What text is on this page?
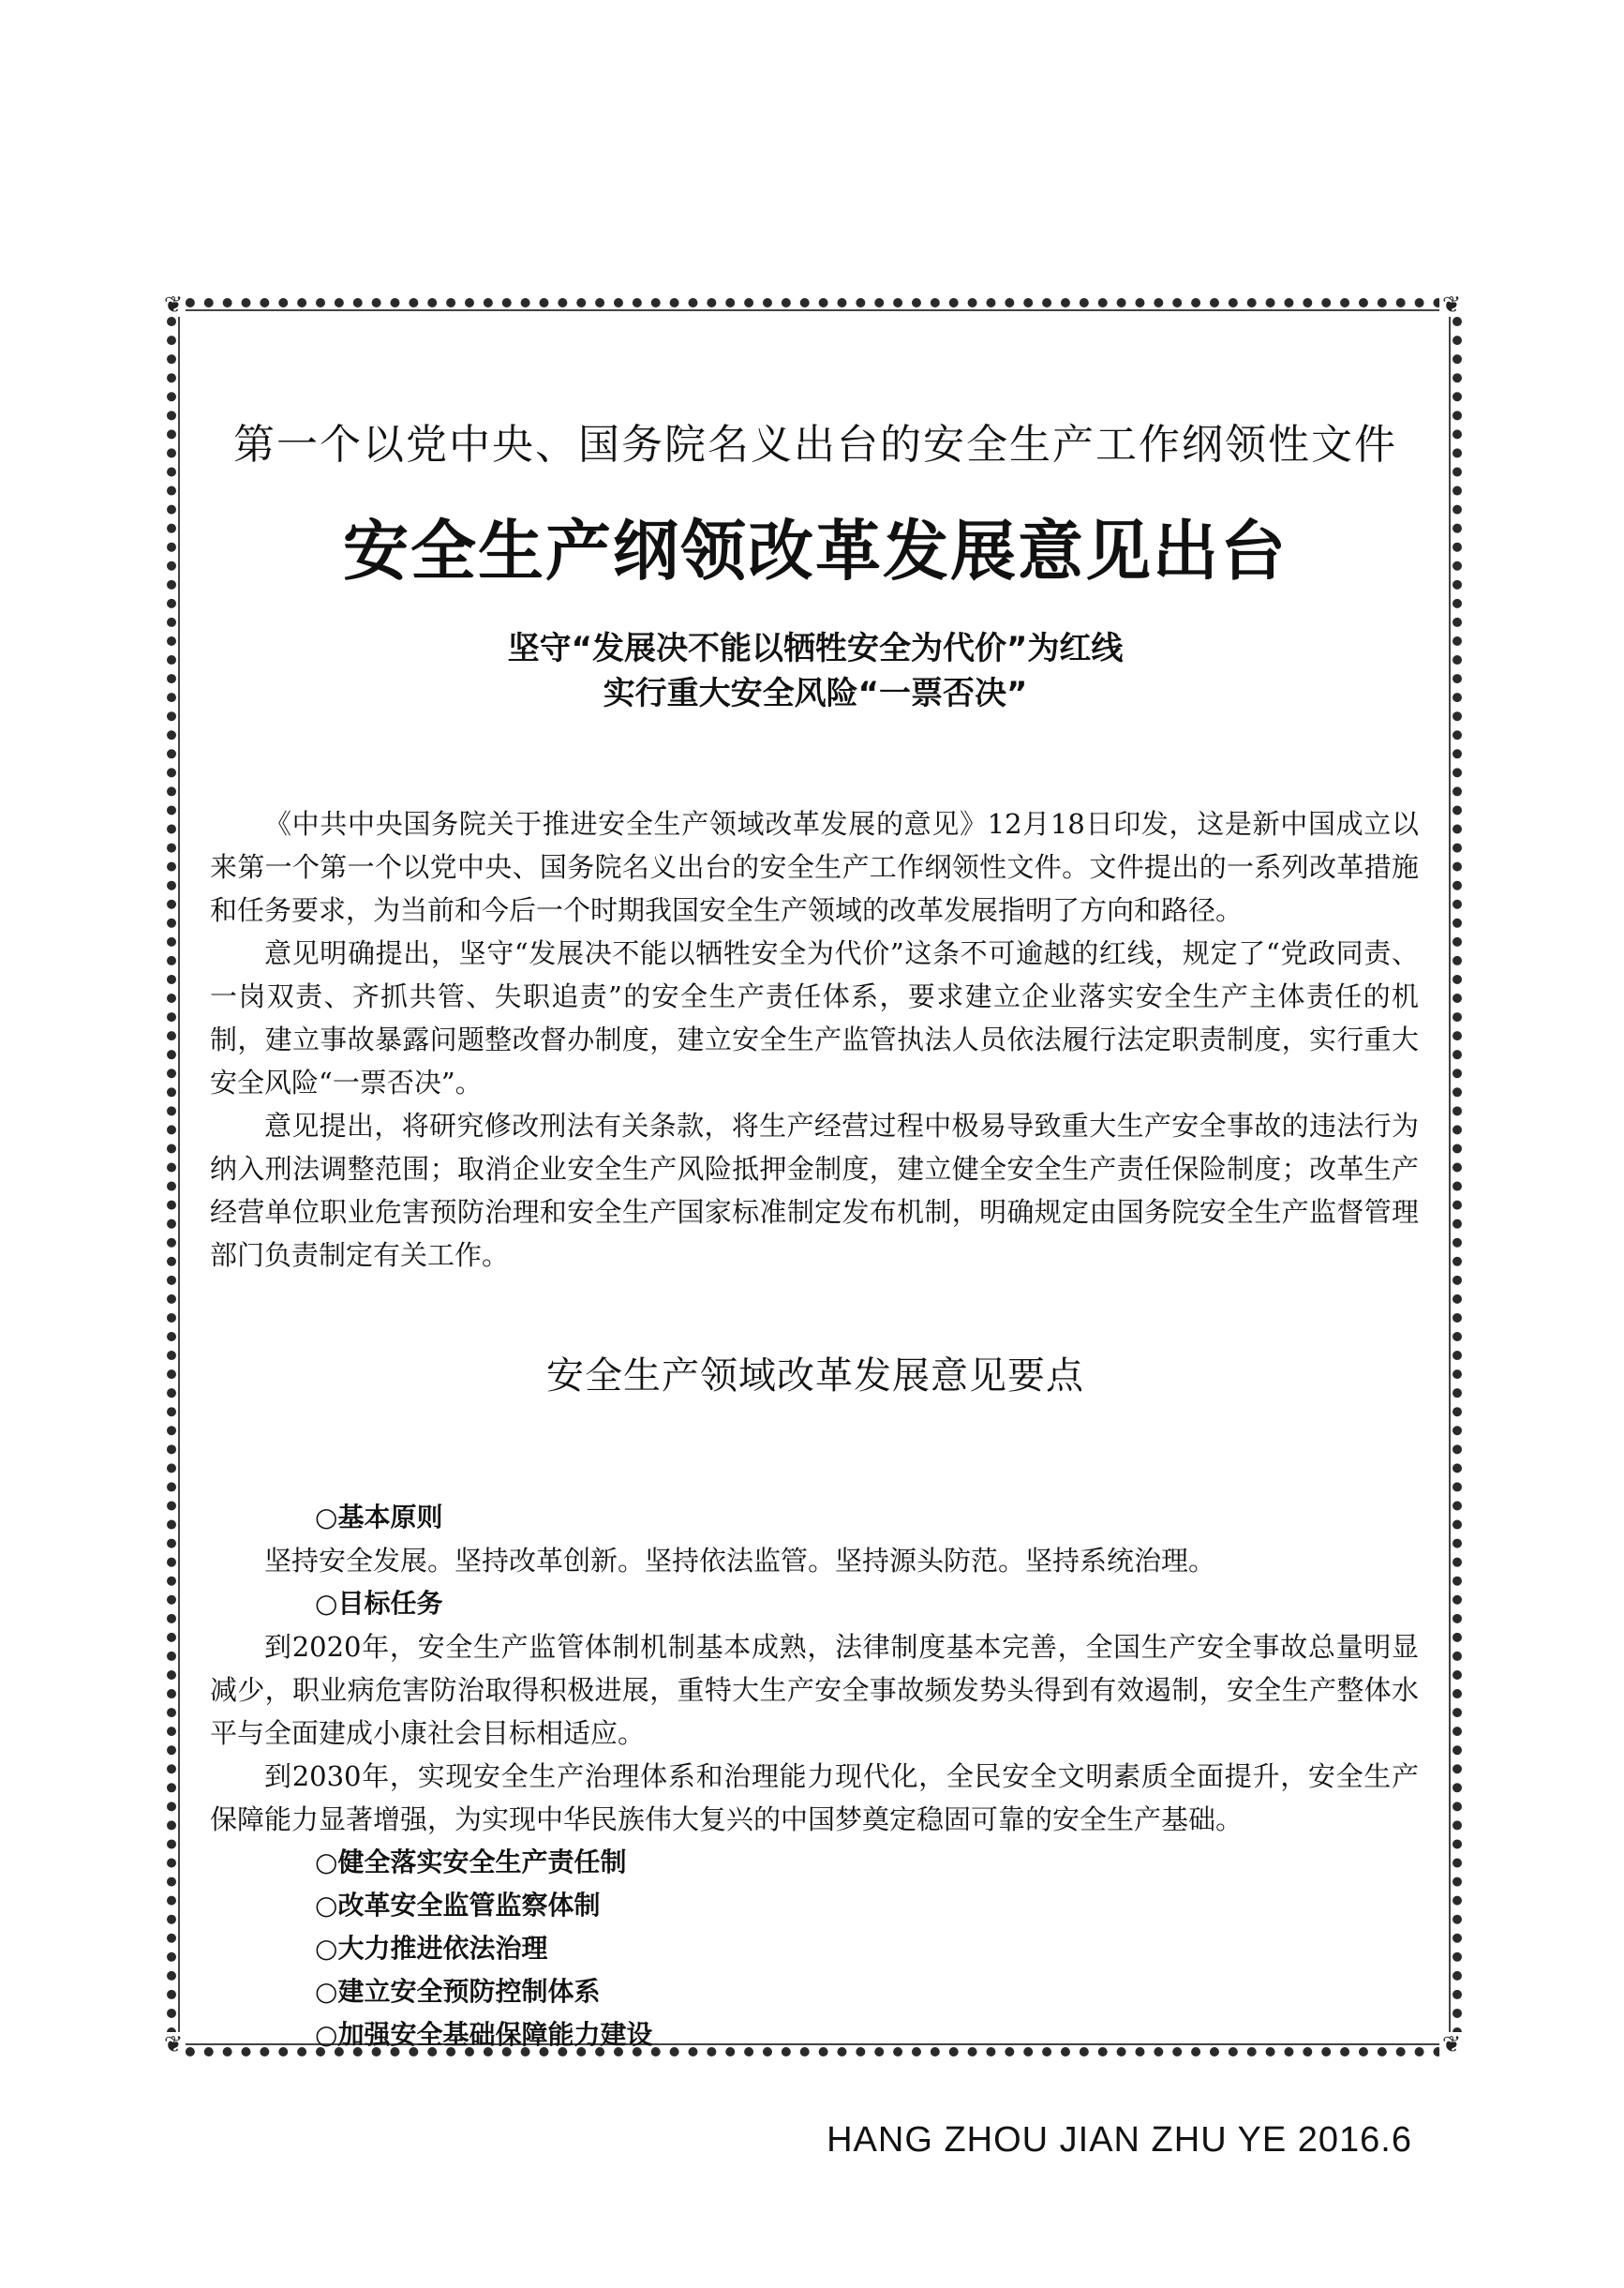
❦	❦
❦	❦
第一个以党中央、国务院名义出台的安全生产工作纲领性文件
安全生产纲领改革发展意见出台
坚守“发展决不能以牺牲安全为代价”为红线
实行重大安全风险“一票否决”

《中共中央国务院关于推进安全生产领域改革发展的意见》12月18日印发，这是新中国成立以来第一个第一个以党中央、国务院名义出台的安全生产工作纲领性文件。文件提出的一系列改革措施和任务要求，为当前和今后一个时期我国安全生产领域的改革发展指明了方向和路径。

意见明确提出，坚守“发展决不能以牺牲安全为代价”这条不可逾越的红线，规定了“党政同责、一岗双责、齐抓共管、失职追责”的安全生产责任体系，要求建立企业落实安全生产主体责任的机制，建立事故暴露问题整改督办制度，建立安全生产监管执法人员依法履行法定职责制度，实行重大安全风险“一票否决”。

意见提出，将研究修改刑法有关条款，将生产经营过程中极易导致重大生产安全事故的违法行为纳入刑法调整范围；取消企业安全生产风险抵押金制度，建立健全安全生产责任保险制度；改革生产经营单位职业危害预防治理和安全生产国家标准制定发布机制，明确规定由国务院安全生产监督管理部门负责制定有关工作。

安全生产领域改革发展意见要点

○基本原则

坚持安全发展。坚持改革创新。坚持依法监管。坚持源头防范。坚持系统治理。

○目标任务

到2020年，安全生产监管体制机制基本成熟，法律制度基本完善，全国生产安全事故总量明显减少，职业病危害防治取得积极进展，重特大生产安全事故频发势头得到有效遏制，安全生产整体水平与全面建成小康社会目标相适应。

到2030年，实现安全生产治理体系和治理能力现代化，全民安全文明素质全面提升，安全生产保障能力显著增强，为实现中华民族伟大复兴的中国梦奠定稳固可靠的安全生产基础。

○健全落实安全生产责任制

○改革安全监管监察体制

○大力推进依法治理

○建立安全预防控制体系

○加强安全基础保障能力建设

HANG ZHOU JIAN ZHU YE 2016.6
